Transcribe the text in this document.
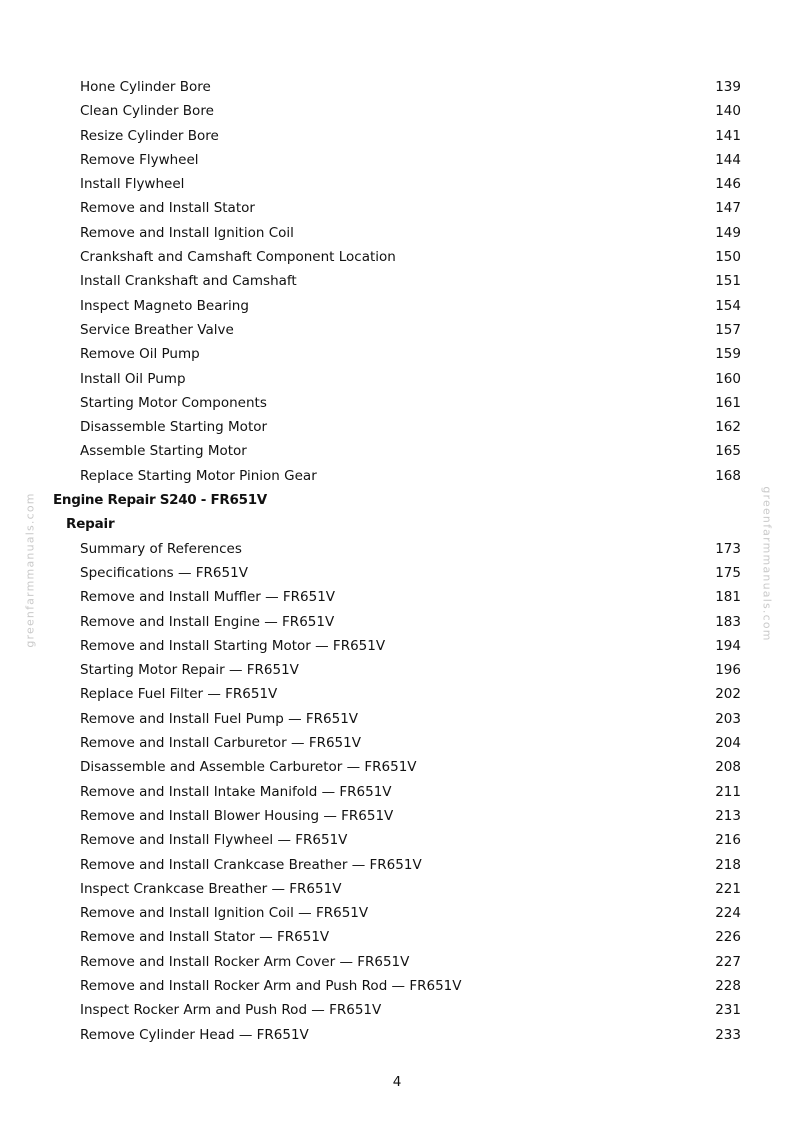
greenfarmmanuals.com	greenfarmmanuals.com
Hone Cylinder Bore	139
Clean Cylinder Bore	140
Resize Cylinder Bore	141
Remove Flywheel	144
Install Flywheel	146
Remove and Install Stator	147
Remove and Install Ignition Coil	149
Crankshaft and Camshaft Component Location	150
Install Crankshaft and Camshaft	151
Inspect Magneto Bearing	154
Service Breather Valve	157
Remove Oil Pump	159
Install Oil Pump	160
Starting Motor Components	161
Disassemble Starting Motor	162
Assemble Starting Motor	165
Replace Starting Motor Pinion Gear	168
Engine Repair S240 - FR651V
Repair
Summary of References	173
Specifications — FR651V	175
Remove and Install Muffler — FR651V	181
Remove and Install Engine — FR651V	183
Remove and Install Starting Motor — FR651V	194
Starting Motor Repair — FR651V	196
Replace Fuel Filter — FR651V	202
Remove and Install Fuel Pump — FR651V	203
Remove and Install Carburetor — FR651V	204
Disassemble and Assemble Carburetor — FR651V	208
Remove and Install Intake Manifold — FR651V	211
Remove and Install Blower Housing — FR651V	213
Remove and Install Flywheel — FR651V	216
Remove and Install Crankcase Breather — FR651V	218
Inspect Crankcase Breather — FR651V	221
Remove and Install Ignition Coil — FR651V	224
Remove and Install Stator — FR651V	226
Remove and Install Rocker Arm Cover — FR651V	227
Remove and Install Rocker Arm and Push Rod — FR651V	228
Inspect Rocker Arm and Push Rod — FR651V	231
Remove Cylinder Head — FR651V	233
4
